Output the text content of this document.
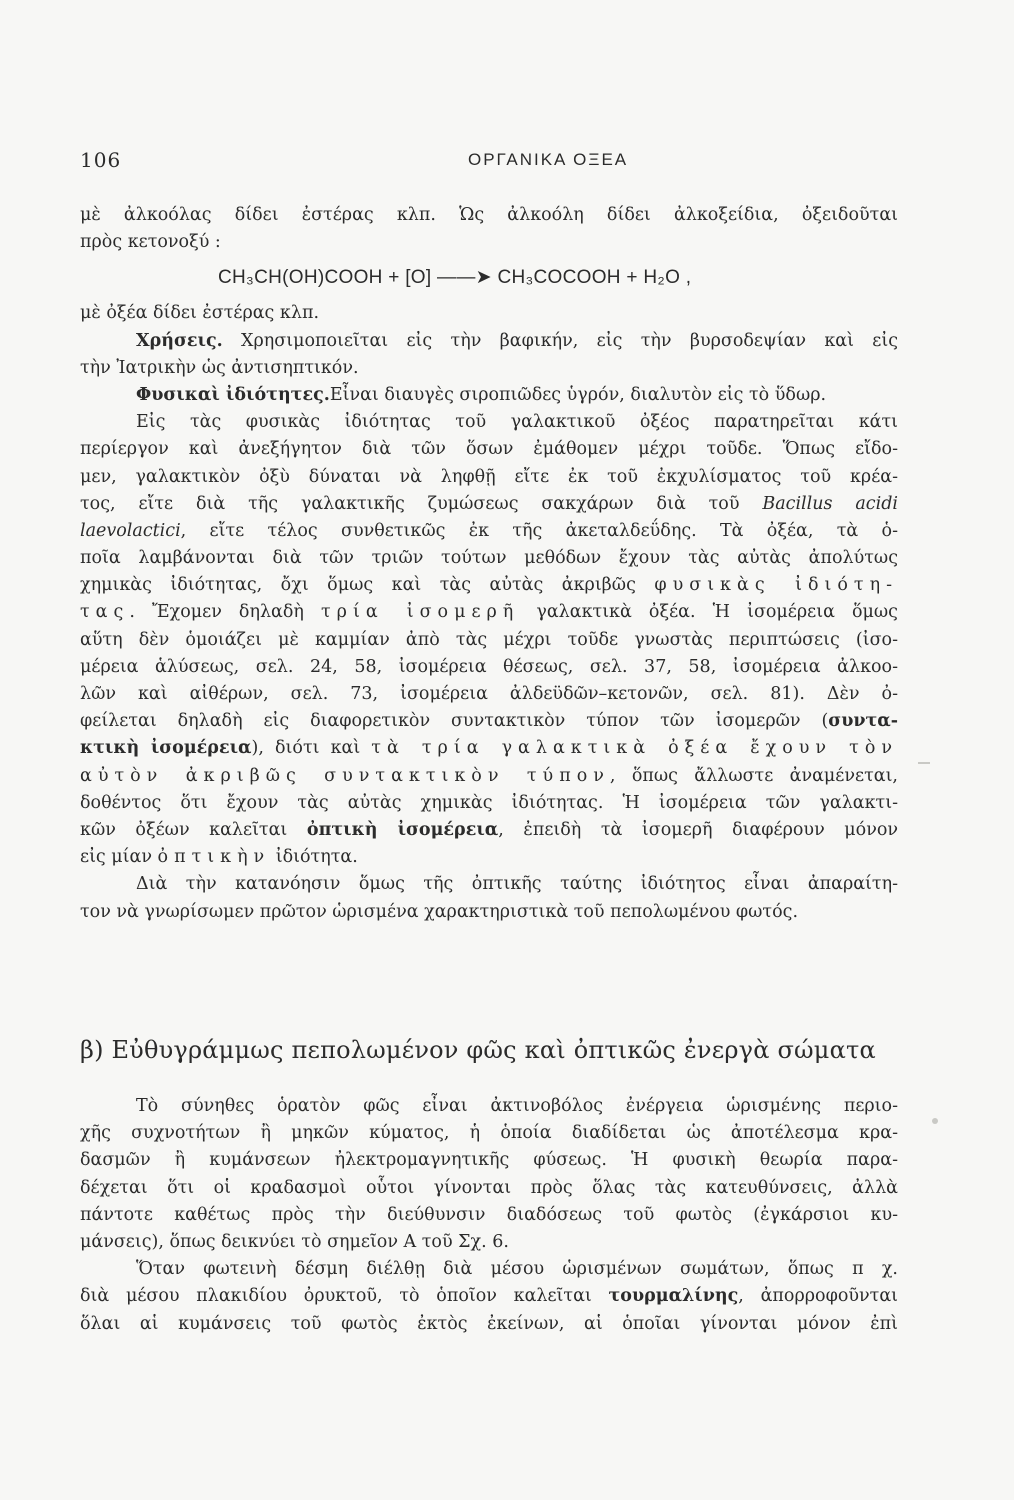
106	ΟΡΓΑΝΙΚΑ ΟΞΕΑ
μὲ ἀλκοόλας δίδει ἐστέρας κλπ. Ὡς ἀλκοόλη δίδει ἀλκοξείδια, ὀξειδοῦται
πρὸς κετονοξύ :
CH₃CH(OH)COOH + [O] ——➤ CH₃COCOOH + H₂O ,
μὲ ὀξέα δίδει ἐστέρας κλπ.
Χρήσεις. Χρησιμοποιεῖται εἰς τὴν βαφικήν, εἰς τὴν βυρσοδεψίαν καὶ εἰς
τὴν Ἰατρικὴν ὡς ἀντισηπτικόν.
Φυσικαὶ ἰδιότητες.Εἶναι διαυγὲς σιροπιῶδες ὑγρόν, διαλυτὸν εἰς τὸ ὕδωρ.
Εἰς τὰς φυσικὰς ἰδιότητας τοῦ γαλακτικοῦ ὀξέος παρατηρεῖται κάτι
περίεργον καὶ ἀνεξήγητον διὰ τῶν ὅσων ἐμάθομεν μέχρι τοῦδε. Ὅπως εἴδο-
μεν, γαλακτικὸν ὀξὺ δύναται νὰ ληφθῇ εἴτε ἐκ τοῦ ἐκχυλίσματος τοῦ κρέα-
τος, εἴτε διὰ τῆς γαλακτικῆς ζυμώσεως σακχάρων διὰ τοῦ Bacillus acidi
laevolactici, εἴτε τέλος συνθετικῶς ἐκ τῆς ἀκεταλδεΰδης. Τὰ ὀξέα, τὰ ὁ-
ποῖα λαμβάνονται διὰ τῶν τριῶν τούτων μεθόδων ἔχουν τὰς αὐτὰς ἀπολύτως
χημικὰς ἰδιότητας, ὄχι ὅμως καὶ τὰς αὐτὰς ἀκριβῶς φυσικὰς ἰδιότη-
τας. Ἔχομεν δηλαδὴ τρία ἰσομερῆ γαλακτικὰ ὀξέα. Ἡ ἰσομέρεια ὅμως
αὕτη δὲν ὁμοιάζει μὲ καμμίαν ἀπὸ τὰς μέχρι τοῦδε γνωστὰς περιπτώσεις (ἰσο-
μέρεια ἁλύσεως, σελ. 24, 58, ἰσομέρεια θέσεως, σελ. 37, 58, ἰσομέρεια ἀλκοο-
λῶν καὶ αἰθέρων, σελ. 73, ἰσομέρεια ἀλδεϋδῶν–κετονῶν, σελ. 81). Δὲν ὀ-
φείλεται δηλαδὴ εἰς διαφορετικὸν συντακτικὸν τύπον τῶν ἰσομερῶν (συντα-
κτικὴ ἰσομέρεια), διότι καὶ τὰ τρία γαλακτικὰ ὀξέα ἔχουν τὸν
αὐτὸν ἀκριβῶς συντακτικὸν τύπον, ὅπως ἄλλωστε ἀναμένεται,
δοθέντος ὅτι ἔχουν τὰς αὐτὰς χημικὰς ἰδιότητας. Ἡ ἰσομέρεια τῶν γαλακτι-
κῶν ὀξέων καλεῖται ὀπτικὴ ἰσομέρεια, ἐπειδὴ τὰ ἰσομερῆ διαφέρουν μόνον
εἰς μίαν ὀπτικὴν ἰδιότητα.
Διὰ τὴν κατανόησιν ὅμως τῆς ὀπτικῆς ταύτης ἰδιότητος εἶναι ἀπαραίτη-
τον νὰ γνωρίσωμεν πρῶτον ὡρισμένα χαρακτηριστικὰ τοῦ πεπολωμένου φωτός.
β) Εὐθυγράμμως πεπολωμένον φῶς καὶ ὀπτικῶς ἐνεργὰ σώματα
Τὸ σύνηθες ὁρατὸν φῶς εἶναι ἀκτινοβόλος ἐνέργεια ὡρισμένης περιο-
χῆς συχνοτήτων ἢ μηκῶν κύματος, ἡ ὁποία διαδίδεται ὡς ἀποτέλεσμα κρα-
δασμῶν ἢ κυμάνσεων ἠλεκτρομαγνητικῆς φύσεως. Ἡ φυσικὴ θεωρία παρα-
δέχεται ὅτι οἱ κραδασμοὶ οὗτοι γίνονται πρὸς ὅλας τὰς κατευθύνσεις, ἀλλὰ
πάντοτε καθέτως πρὸς τὴν διεύθυνσιν διαδόσεως τοῦ φωτὸς (ἐγκάρσιοι κυ-
μάνσεις), ὅπως δεικνύει τὸ σημεῖον Α τοῦ Σχ. 6.
Ὅταν φωτεινὴ δέσμη διέλθῃ διὰ μέσου ὡρισμένων σωμάτων, ὅπως π χ.
διὰ μέσου πλακιδίου ὀρυκτοῦ, τὸ ὁποῖον καλεῖται τουρμαλίνης, ἀπορροφοῦνται
ὅλαι αἱ κυμάνσεις τοῦ φωτὸς ἐκτὸς ἐκείνων, αἱ ὁποῖαι γίνονται μόνον ἐπὶ
